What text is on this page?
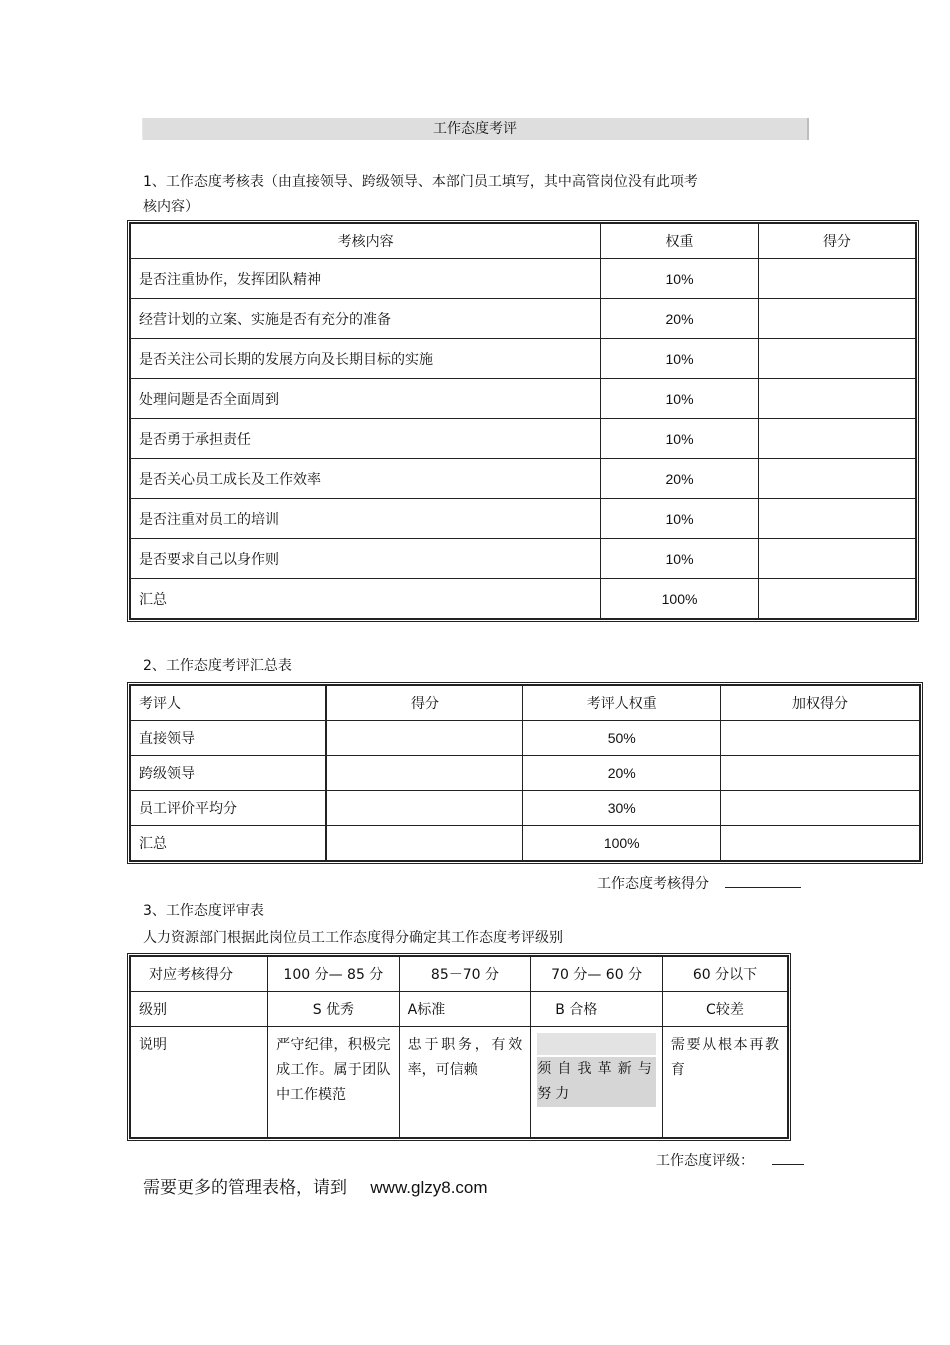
工作态度考评
1、工作态度考核表（由直接领导、跨级领导、本部门员工填写，其中高管岗位没有此项考
核内容）
考核内容	权重	得分
是否注重协作，发挥团队精神	10%	
经营计划的立案、实施是否有充分的准备	20%	
是否关注公司长期的发展方向及长期目标的实施	10%	
处理问题是否全面周到	10%	
是否勇于承担责任	10%	
是否关心员工成长及工作效率	20%	
是否注重对员工的培训	10%	
是否要求自己以身作则	10%	
汇总	100%	
2、工作态度考评汇总表
考评人	得分	考评人权重	加权得分
直接领导		50%	
跨级领导		20%	
员工评价平均分		30%	
汇总		100%	
工作态度考核得分
3、工作态度评审表
人力资源部门根据此岗位员工工作态度得分确定其工作态度考评级别
对应考核得分	100 分— 85 分	85－70 分	70 分— 60 分	60 分以下
级别	S 优秀	A标准	B 合格	C较差
说明	严守纪律，积极完成工作。属于团队中工作模范	忠于职务，有效率，可信赖	须自我革新与努力	需要从根本再教育
工作态度评级：
需要更多的管理表格，请到 www.glzy8.com
